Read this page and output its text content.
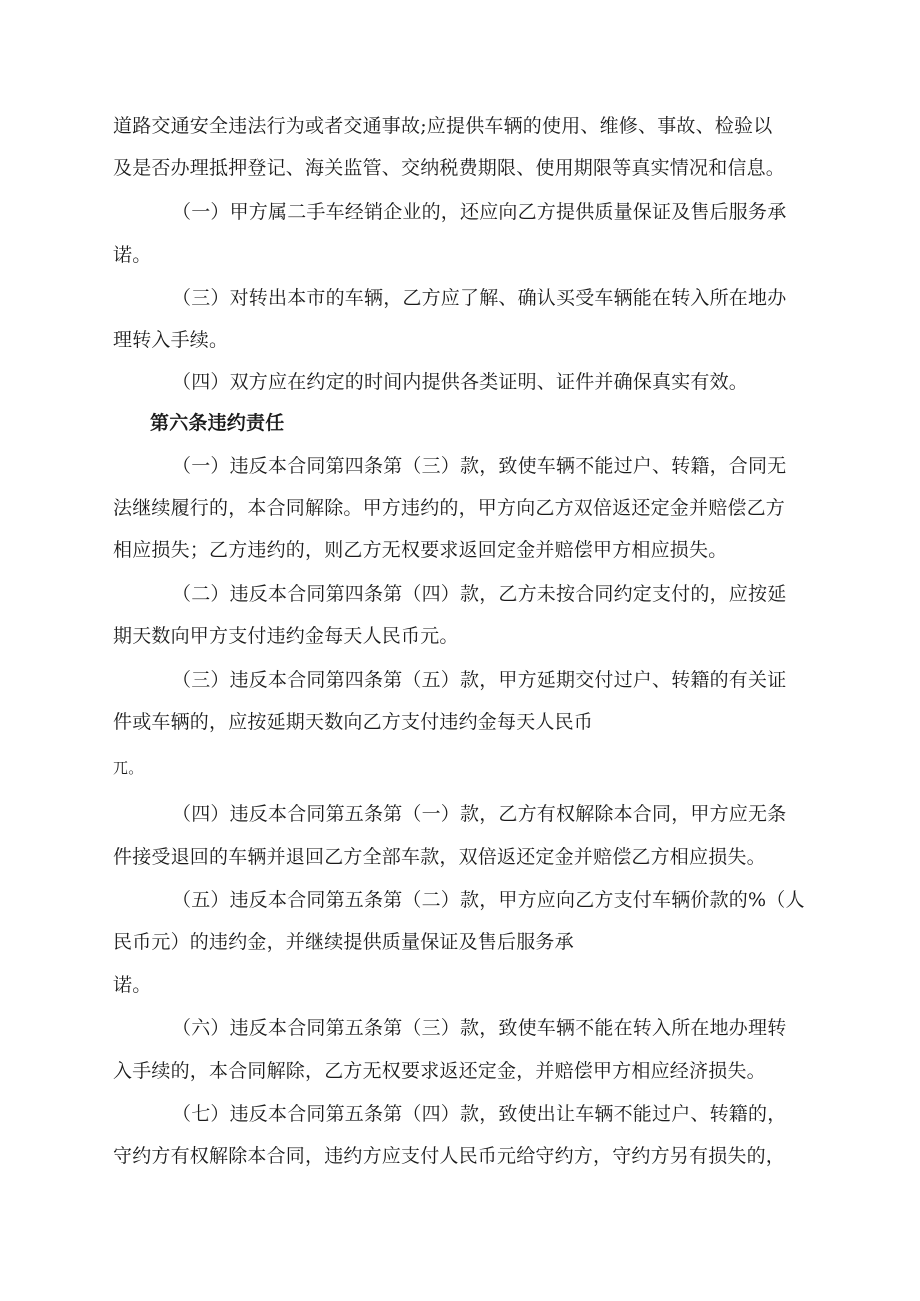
道路交通安全违法行为或者交通事故;应提供车辆的使用、维修、事故、检验以
及是否办理抵押登记、海关监管、交纳税费期限、使用期限等真实情况和信息。
（一）甲方属二手车经销企业的，还应向乙方提供质量保证及售后服务承
诺。
（三）对转出本市的车辆，乙方应了解、确认买受车辆能在转入所在地办
理转入手续。
（四）双方应在约定的时间内提供各类证明、证件并确保真实有效。
第六条违约责任
（一）违反本合同第四条第（三）款，致使车辆不能过户、转籍，合同无
法继续履行的，本合同解除。甲方违约的，甲方向乙方双倍返还定金并赔偿乙方
相应损失；乙方违约的，则乙方无权要求返回定金并赔偿甲方相应损失。
（二）违反本合同第四条第（四）款，乙方未按合同约定支付的，应按延
期天数向甲方支付违约金每天人民币元。
（三）违反本合同第四条第（五）款，甲方延期交付过户、转籍的有关证
件或车辆的，应按延期天数向乙方支付违约金每天人民币
兀。
（四）违反本合同第五条第（一）款，乙方有权解除本合同，甲方应无条
件接受退回的车辆并退回乙方全部车款，双倍返还定金并赔偿乙方相应损失。
（五）违反本合同第五条第（二）款，甲方应向乙方支付车辆价款的%（人
民币元）的违约金，并继续提供质量保证及售后服务承
诺。
（六）违反本合同第五条第（三）款，致使车辆不能在转入所在地办理转
入手续的，本合同解除，乙方无权要求返还定金，并赔偿甲方相应经济损失。
（七）违反本合同第五条第（四）款，致使出让车辆不能过户、转籍的，
守约方有权解除本合同，违约方应支付人民币元给守约方，守约方另有损失的，
